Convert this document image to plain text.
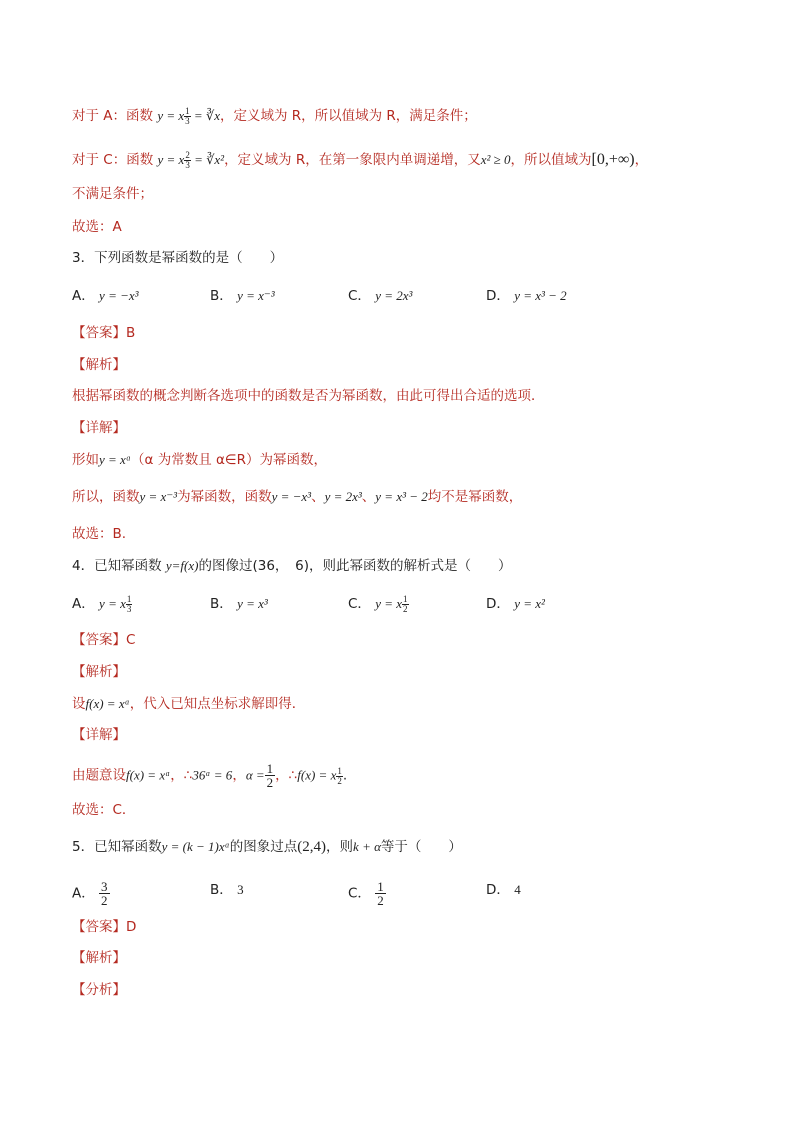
对于 A：函数 y = x $\frac{1}{3}$ = ∛x，定义域为 R，所以值域为 R，满足条件；
对于 C：函数 y = x $\frac{2}{3}$ = ∛x²，定义域为 R，在第一象限内单调递增，又x² ≥ 0，所以值域为[0,+∞)，
不满足条件；
故选：A
3．下列函数是幂函数的是（　　）
A． y = −x³	B． y = x⁻³	C． y = 2x³	D． y = x³ − 2
【答案】B
【解析】
根据幂函数的概念判断各选项中的函数是否为幂函数，由此可得出合适的选项．
【详解】
形如y = xᵅ（α 为常数且 α∈R）为幂函数，
所以，函数y = x⁻³为幂函数，函数y = −x³、y = 2x³、y = x³ − 2均不是幂函数，
故选：B.
4．已知幂函数 y=f(x)的图像过(36，　6)，则此幂函数的解析式是（　　）
A． y = x $\frac{1}{3}$	B． y = x³	C． y = x $\frac{1}{2}$	D． y = x²
【答案】C
【解析】
设f(x) = xᵅ，代入已知点坐标求解即得．
【详解】
由题意设f(x) = xᵅ，∴36ᵅ = 6，$\alpha = \frac{1}{2}$ ，∴f(x) = x $\frac{1}{2}$ .
故选：C．
5．已知幂函数y = (k − 1)xᵅ的图象过点(2,4)，则k + α等于（　　）
A． $\frac{3}{2}$	B． 3	C． $\frac{1}{2}$	D． 4
【答案】D
【解析】
【分析】
